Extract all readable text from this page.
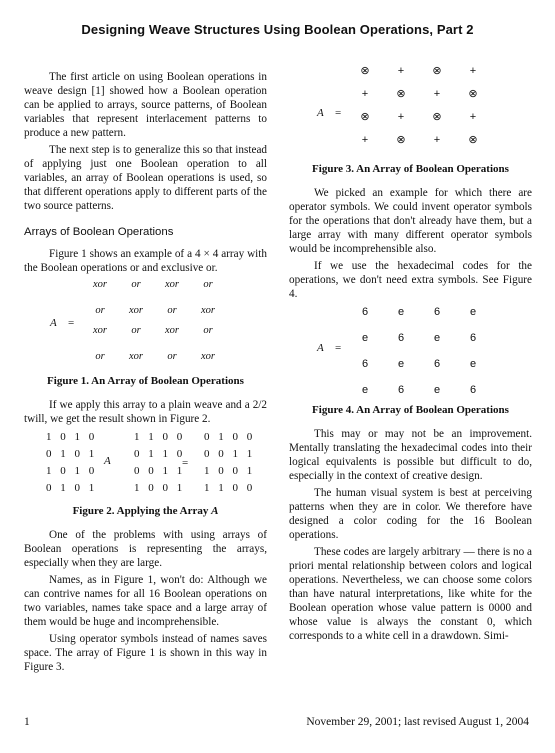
Designing Weave Structures Using Boolean Operations, Part 2

The first article on using Boolean operations in weave design [1] showed how a Boolean operation can be applied to arrays, source patterns, of Boolean variables that represent interlacement patterns to produce a new pattern.

The next step is to generalize this so that instead of applying just one Boolean operation to all variables, an array of Boolean operations is used, so that different operations apply to different parts of the two source patterns.

Arrays of Boolean Operations

Figure 1 shows an example of a 4 × 4 array with the Boolean operations or and exclusive or.

A =
xor	or	xor	or
or	xor	or	xor
xor	or	xor	or
or	xor	or	xor
Figure 1. An Array of Boolean Operations

If we apply this array to a plain weave and a 2/2 twill, we get the result shown in Figure 2.

1 0 1 0
0 1 0 1
1 0 1 0
0 1 0 1
A
1 1 0 0
0 1 1 0
0 0 1 1
1 0 0 1
=
0 1 0 0
0 0 1 1
1 0 0 1
1 1 0 0
Figure 2. Applying the Array A

One of the problems with using arrays of Boolean operations is representing the arrays, especially when they are large.

Names, as in Figure 1, won't do: Although we can contrive names for all 16 Boolean operations on two variables, names take space and a large array of them would be huge and incomprehensible.

Using operator symbols instead of names saves space. The array of Figure 1 is shown in this way in Figure 3.

A =
⊗	+	⊗	+
+	⊗	+	⊗
⊗	+	⊗	+
+	⊗	+	⊗
Figure 3. An Array of Boolean Operations

We picked an example for which there are operator symbols. We could invent operator symbols for the operations that don't already have them, but a large array with many different operator symbols would be incomprehensible also.

If we use the hexadecimal codes for the operations, we don't need extra symbols. See Figure 4.

A =
6	e	6	e
e	6	e	6
6	e	6	e
e	6	e	6
Figure 4. An Array of Boolean Operations

This may or may not be an improvement. Mentally translating the hexadecimal codes into their logical equivalents is possible but difficult to do, especially in the context of creative design.

The human visual system is best at perceiving patterns when they are in color. We therefore have designed a color coding for the 16 Boolean operations.

These codes are largely arbitrary — there is no a priori mental relationship between colors and logical operations. Nevertheless, we can choose some colors than have natural interpretations, like white for the Boolean operation whose value pattern is 0000 and whose value is always the constant 0, which corresponds to a white cell in a drawdown. Simi-

1	November 29, 2001; last revised August 1, 2004
